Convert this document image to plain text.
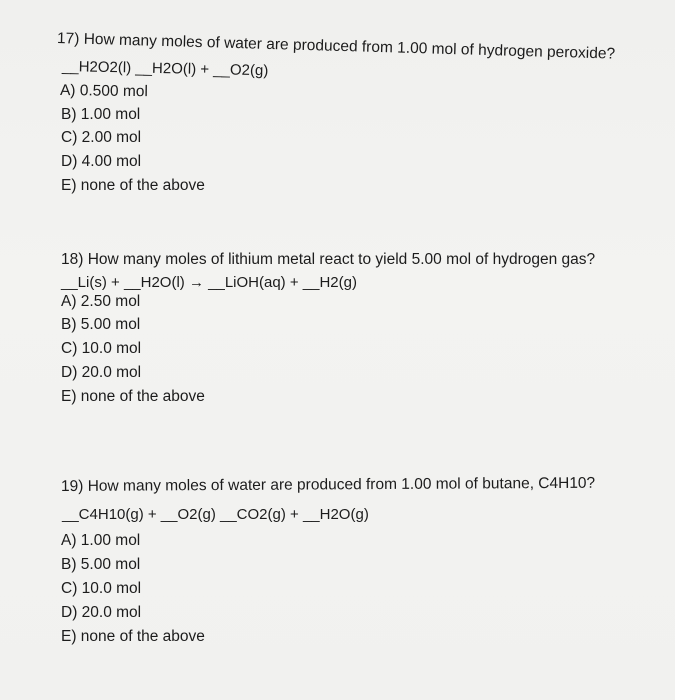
17) How many moles of water are produced from 1.00 mol of hydrogen peroxide?
__H2O2(l) __H2O(l) + __O2(g)
A) 0.500 mol
B) 1.00 mol
C) 2.00 mol
D) 4.00 mol
E) none of the above
18) How many moles of lithium metal react to yield 5.00 mol of hydrogen gas?
__Li(s) + __H2O(l) → __LiOH(aq) + __H2(g)
A) 2.50 mol
B) 5.00 mol
C) 10.0 mol
D) 20.0 mol
E) none of the above
19) How many moles of water are produced from 1.00 mol of butane, C4H10?
__C4H10(g) + __O2(g) __CO2(g) + __H2O(g)
A) 1.00 mol
B) 5.00 mol
C) 10.0 mol
D) 20.0 mol
E) none of the above
